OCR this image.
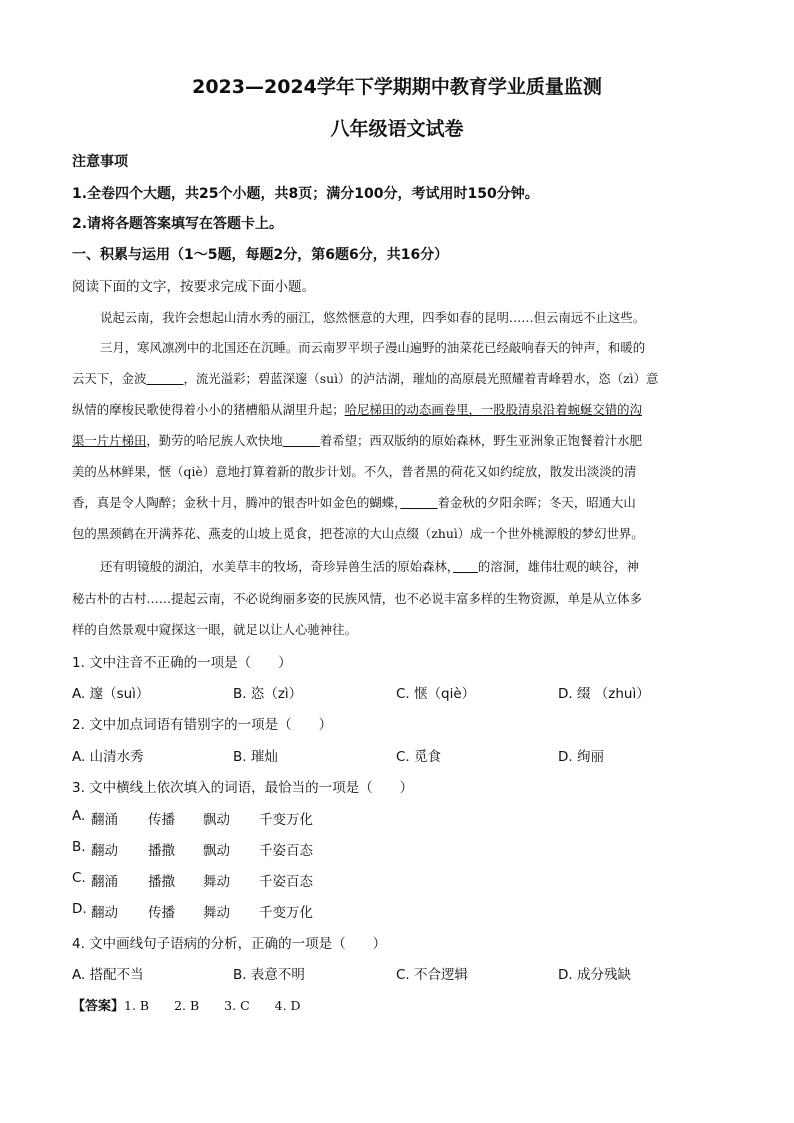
2023—2024学年下学期期中教育学业质量监测
八年级语文试卷
注意事项
1.全卷四个大题，共25个小题，共8页；满分100分，考试用时150分钟。
2.请将各题答案填写在答题卡上。
一、积累与运用（1～5题，每题2分，第6题6分，共16分）
阅读下面的文字，按要求完成下面小题。
说起云南，我许会想起山清水秀的丽江，悠然惬意的大理，四季如春的昆明……但云南远不止这些。
三月，寒风凛冽中的北国还在沉睡。而云南罗平坝子漫山遍野的油菜花已经敲响春天的钟声，和暖的
云天下，金波　　　	，流光溢彩；碧蓝深邃（suì）的泸沽湖，璀灿的高原晨光照耀着青峰碧水，恣（zì）意
纵情的摩梭民歌使得着小小的猪槽船从湖里升起；哈尼梯田的动态画卷里，一股股清泉沿着蜿蜒交错的沟
渠一片片梯田，勤劳的哈尼族人欢快地　　　	着希望；西双版纳的原始森林，野生亚洲象正饱餐着汁水肥
美的丛林鲜果，惬（qiè）意地打算着新的散步计划。不久，普者黑的荷花又如约绽放，散发出淡淡的清
香，真是令人陶醉；金秋十月，腾冲的银杏叶如金色的蝴蝶，　　　	着金秋的夕阳余晖；冬天，昭通大山
包的黑颈鹤在开满荞花、燕麦的山坡上觅食，把苍凉的大山点缀（zhuì）成一个世外桃源般的梦幻世界。
还有明镜般的湖泊，水美草丰的牧场，奇珍异兽生活的原始森林，　　 的溶洞，雄伟壮观的峡谷，神
秘古朴的古村……提起云南，不必说绚丽多姿的民族风情，也不必说丰富多样的生物资源，单是从立体多
样的自然景观中窥探这一眼，就足以让人心驰神往。
1. 文中注音不正确的一项是（　　）
A. 邃（suì）	B. 恣（zì）	C. 惬（qiè）	D. 缀 （zhuì）
2. 文中加点词语有错别字的一项是（　　）
A. 山清水秀	B. 璀灿	C. 觅食	D. 绚丽
3. 文中横线上依次填入的词语，最恰当的一项是（　　）
A. 翻涌 传播 飘动 千变万化
B. 翻动 播撒 飘动 千姿百态
C. 翻涌 播撒 舞动 千姿百态
D. 翻动 传播 舞动 千变万化
4. 文中画线句子语病的分析，正确的一项是（　　）
A. 搭配不当	B. 表意不明	C. 不合逻辑	D. 成分残缺
【答案】1. B　　2. B　　3. C　　4. D
